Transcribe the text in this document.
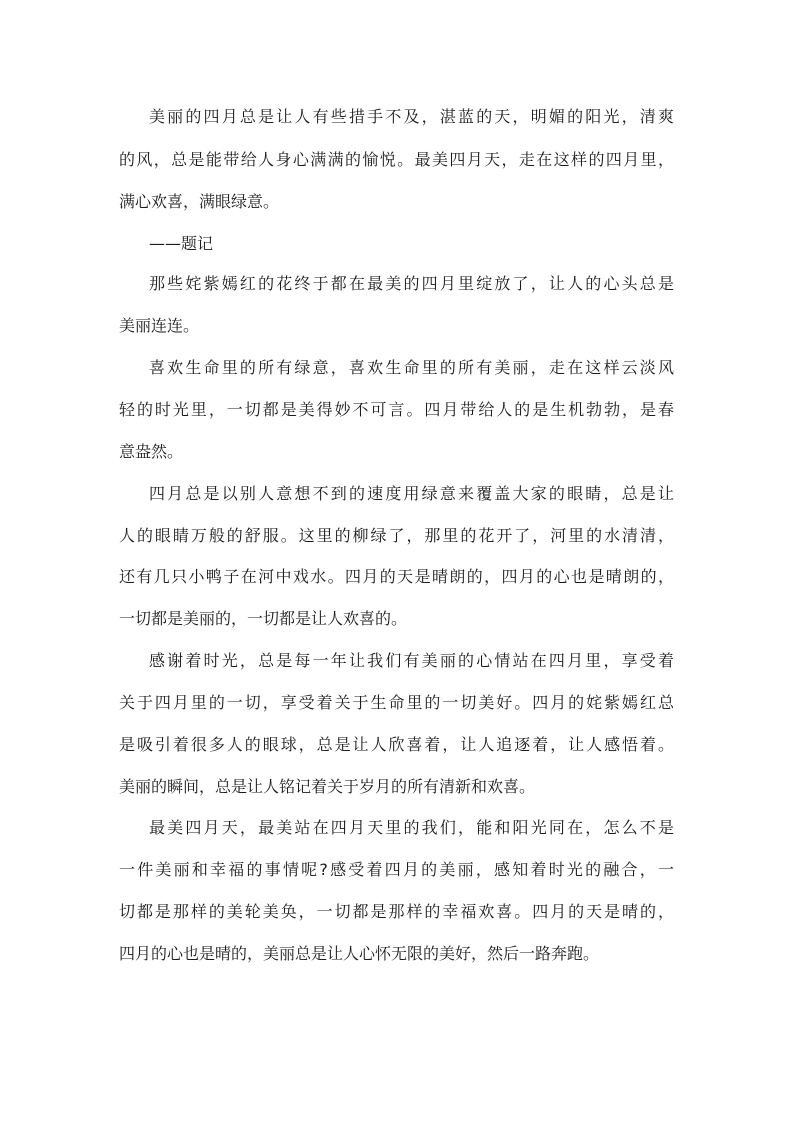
美丽的四月总是让人有些措手不及，湛蓝的天，明媚的阳光，清爽
的风，总是能带给人身心满满的愉悦。最美四月天，走在这样的四月里，
满心欢喜，满眼绿意。
——题记
那些姹紫嫣红的花终于都在最美的四月里绽放了，让人的心头总是
美丽连连。
喜欢生命里的所有绿意，喜欢生命里的所有美丽，走在这样云淡风
轻的时光里，一切都是美得妙不可言。四月带给人的是生机勃勃，是春
意盎然。
四月总是以别人意想不到的速度用绿意来覆盖大家的眼睛，总是让
人的眼睛万般的舒服。这里的柳绿了，那里的花开了，河里的水清清，
还有几只小鸭子在河中戏水。四月的天是晴朗的，四月的心也是晴朗的，
一切都是美丽的，一切都是让人欢喜的。
感谢着时光，总是每一年让我们有美丽的心情站在四月里，享受着
关于四月里的一切，享受着关于生命里的一切美好。四月的姹紫嫣红总
是吸引着很多人的眼球，总是让人欣喜着，让人追逐着，让人感悟着。
美丽的瞬间，总是让人铭记着关于岁月的所有清新和欢喜。
最美四月天，最美站在四月天里的我们，能和阳光同在，怎么不是
一件美丽和幸福的事情呢?感受着四月的美丽，感知着时光的融合，一
切都是那样的美轮美奂，一切都是那样的幸福欢喜。四月的天是晴的，
四月的心也是晴的，美丽总是让人心怀无限的美好，然后一路奔跑。
